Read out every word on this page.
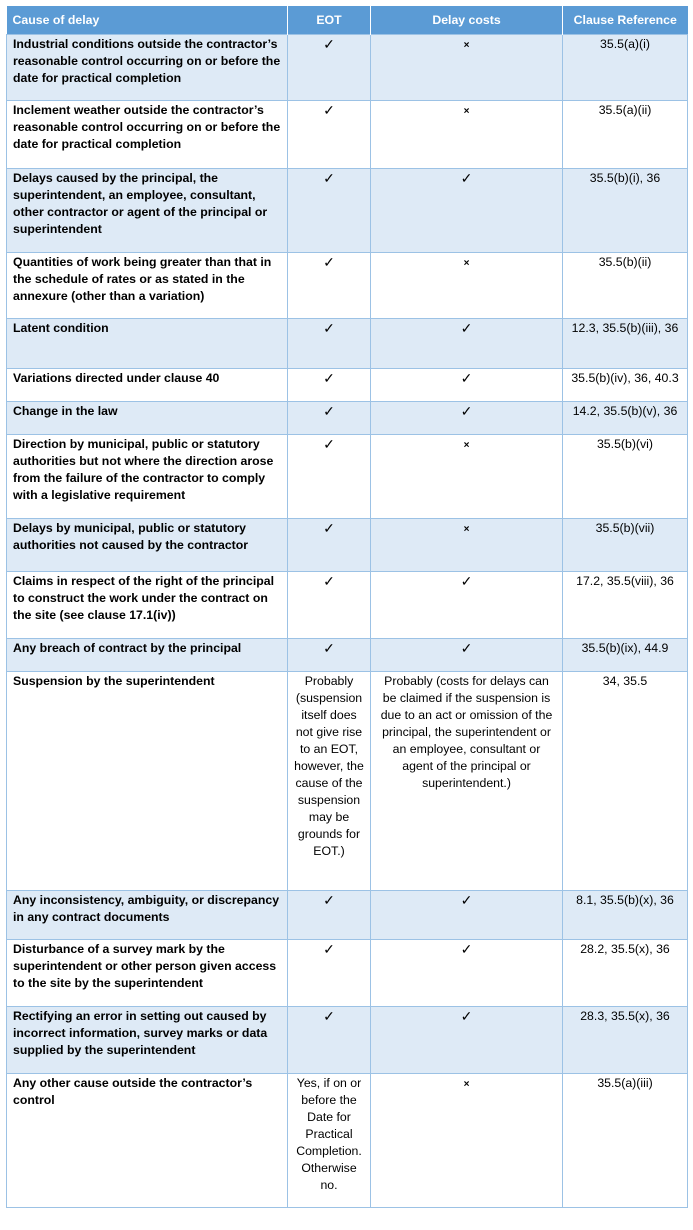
Cause of delay	EOT	Delay costs	Clause Reference
Industrial conditions outside the contractor’s reasonable control occurring on or before the date for practical completion	✓	×	35.5(a)(i)
Inclement weather outside the contractor’s reasonable control occurring on or before the date for practical completion	✓	×	35.5(a)(ii)
Delays caused by the principal, the superintendent, an employee, consultant, other contractor or agent of the principal or superintendent	✓	✓	35.5(b)(i), 36
Quantities of work being greater than that in the schedule of rates or as stated in the annexure (other than a variation)	✓	×	35.5(b)(ii)
Latent condition	✓	✓	12.3, 35.5(b)(iii), 36
Variations directed under clause 40	✓	✓	35.5(b)(iv), 36, 40.3
Change in the law	✓	✓	14.2, 35.5(b)(v), 36
Direction by municipal, public or statutory authorities but not where the direction arose from the failure of the contractor to comply with a legislative requirement	✓	×	35.5(b)(vi)
Delays by municipal, public or statutory authorities not caused by the contractor	✓	×	35.5(b)(vii)
Claims in respect of the right of the principal to construct the work under the contract on the site (see clause 17.1(iv))	✓	✓	17.2, 35.5(viii), 36
Any breach of contract by the principal	✓	✓	35.5(b)(ix), 44.9
Suspension by the superintendent	Probably (suspension itself does not give rise to an EOT, however, the cause of the suspension may be grounds for EOT.)	Probably (costs for delays can be claimed if the suspension is due to an act or omission of the principal, the superintendent or an employee, consultant or agent of the principal or superintendent.)	34, 35.5
Any inconsistency, ambiguity, or discrepancy in any contract documents	✓	✓	8.1, 35.5(b)(x), 36
Disturbance of a survey mark by the superintendent or other person given access to the site by the superintendent	✓	✓	28.2, 35.5(x), 36
Rectifying an error in setting out caused by incorrect information, survey marks or data supplied by the superintendent	✓	✓	28.3, 35.5(x), 36
Any other cause outside the contractor’s control	Yes, if on or before the Date for Practical Completion. Otherwise no.	×	35.5(a)(iii)
